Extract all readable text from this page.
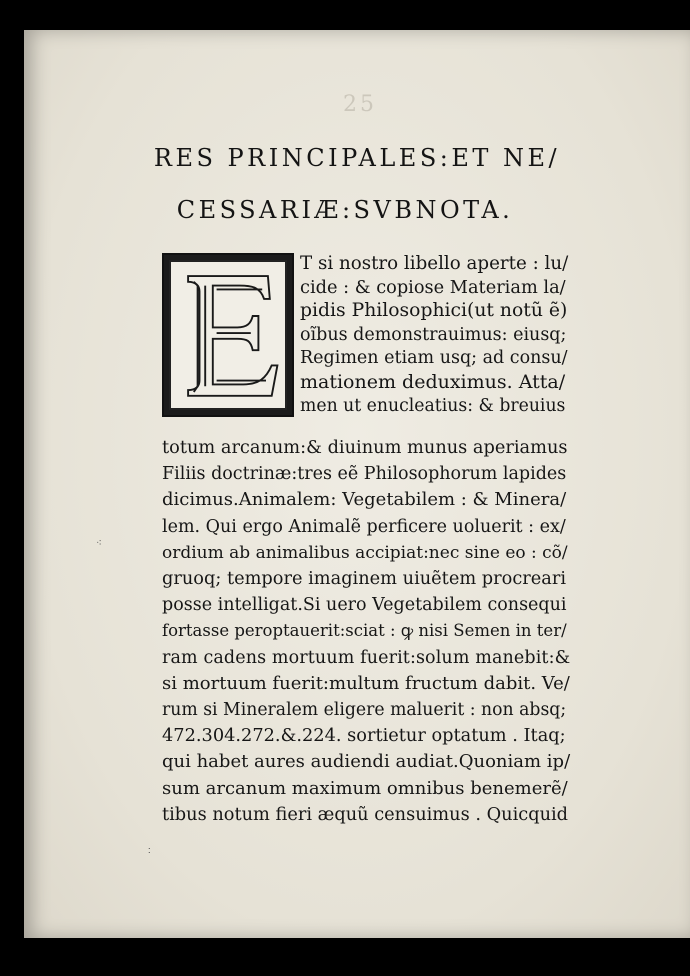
25
RES PRINCIPALES:ET NE/
CESSARIÆ:SVBNOTA.
T si nostro libello aperte : lu/
cide : & copiose Materiam la/
pidis Philosophici(ut notũ ẽ)
oĩbus demonstrauimus: eiusq;
Regimen etiam usq; ad consu/
mationem deduximus. Atta/
men ut enucleatius: & breuius
totum arcanum:& diuinum munus aperiamus
Filiis doctrinæ:tres eẽ Philosophorum lapides
dicimus.Animalem: Vegetabilem : & Minera/
lem. Qui ergo Animalẽ perficere uoluerit : ex/
ordium ab animalibus accipiat:nec sine eo : cõ/
gruoq; tempore imaginem uiuẽtem procreari
posse intelligat.Si uero Vegetabilem consequi
fortasse peroptauerit:sciat : ꝙ nisi Semen in ter/
ram cadens mortuum fuerit:solum manebit:&
si mortuum fuerit:multum fructum dabit. Ve/
rum si Mineralem eligere maluerit : non absq;
472.304.272.&.224. sortietur optatum . Itaq;
qui habet aures audiendi audiat.Quoniam ip/
sum arcanum maximum omnibus benemerẽ/
tibus notum fieri æquũ censuimus . Quicquid
⁖
∶
